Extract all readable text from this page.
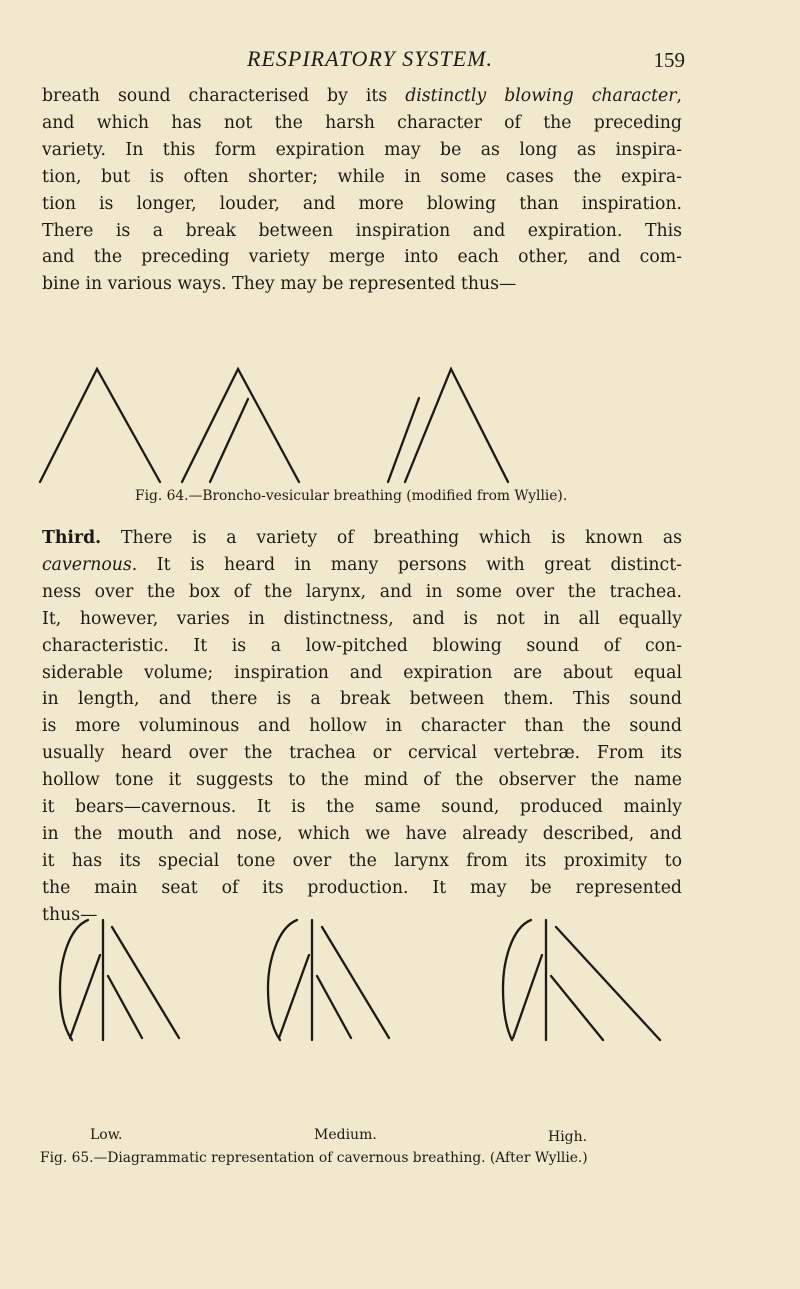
RESPIRATORY SYSTEM.	159
breath sound characterised by its distinctly blowing character,
and which has not the harsh character of the preceding
variety. In this form expiration may be as long as inspira-
tion, but is often shorter; while in some cases the expira-
tion is longer, louder, and more blowing than inspiration.
There is a break between inspiration and expiration. This
and the preceding variety merge into each other, and com-
bine in various ways. They may be represented thus—
Fig. 64.—Broncho-vesicular breathing (modified from Wyllie).
Third. There is a variety of breathing which is known as
cavernous. It is heard in many persons with great distinct-
ness over the box of the larynx, and in some over the trachea.
It, however, varies in distinctness, and is not in all equally
characteristic. It is a low-pitched blowing sound of con-
siderable volume; inspiration and expiration are about equal
in length, and there is a break between them. This sound
is more voluminous and hollow in character than the sound
usually heard over the trachea or cervical vertebræ. From its
hollow tone it suggests to the mind of the observer the name
it bears—cavernous. It is the same sound, produced mainly
in the mouth and nose, which we have already described, and
it has its special tone over the larynx from its proximity to
the main seat of its production. It may be represented
thus—
Low.	Medium.	High.
Fig. 65.—Diagrammatic representation of cavernous breathing. (After Wyllie.)
